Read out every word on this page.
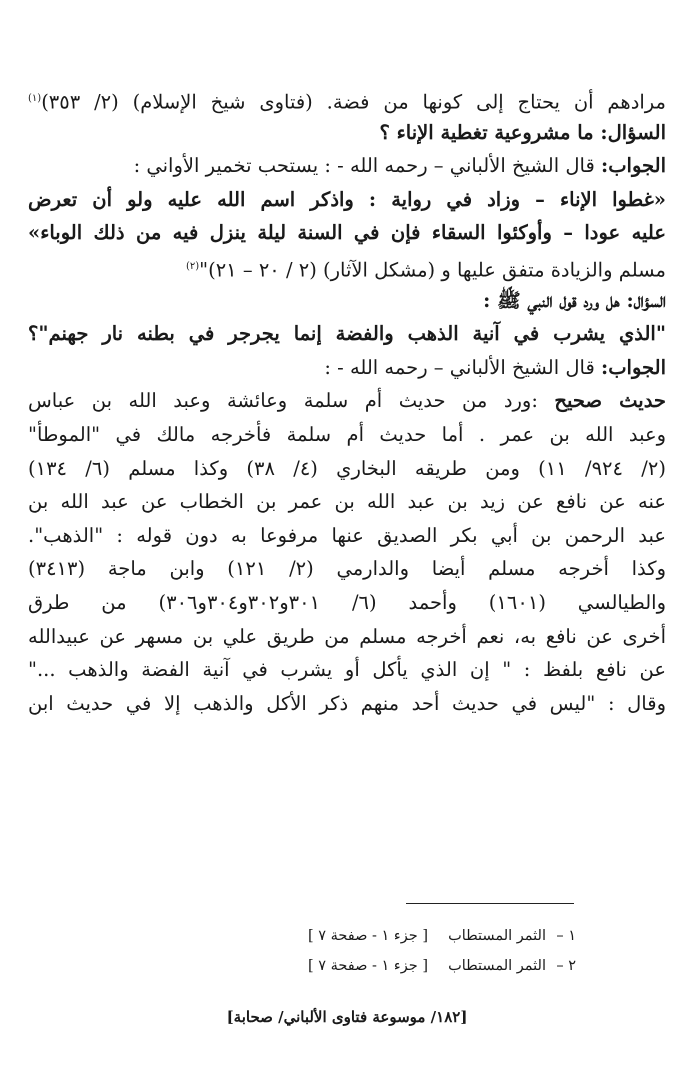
مرادهم أن يحتاج إلى كونها من فضة. (فتاوى شيخ الإسلام) (٢/ ٣٥٣)$^{(١)}$
السؤال: ما مشروعية تغطية الإناء ؟
الجواب: قال الشيخ الألباني – رحمه الله - : يستحب تخمير الأواني :
«غطوا الإناء – وزاد في رواية : واذكر اسم الله عليه ولو أن تعرض
عليه عودا – وأوكئوا السقاء فإن في السنة ليلة ينزل فيه من ذلك الوباء»
مسلم والزيادة متفق عليها و (مشكل الآثار) (٢ / ٢٠ – ٢١)"$^{(٢)}$
السؤال: هل ورد قول النبي ﷺ :
"الذي يشرب في آنية الذهب والفضة إنما يجرجر في بطنه نار جهنم"؟
الجواب: قال الشيخ الألباني – رحمه الله - :
حديث صحيح :ورد من حديث أم سلمة وعائشة وعبد الله بن عباس
وعبد الله بن عمر . أما حديث أم سلمة فأخرجه مالك في "الموطأ"
(٢/ ٩٢٤/ ١١) ومن طريقه البخاري (٤/ ٣٨) وكذا مسلم (٦/ ١٣٤)
عنه عن نافع عن زيد بن عبد الله بن عمر بن الخطاب عن عبد الله بن
عبد الرحمن بن أبي بكر الصديق عنها مرفوعا به دون قوله : "الذهب".
وكذا أخرجه مسلم أيضا والدارمي (٢/ ١٢١) وابن ماجة (٣٤١٣)
والطيالسي (١٦٠١) وأحمد (٦/ ٣٠١و٣٠٢و٣٠٤و٣٠٦) من طرق
أخرى عن نافع به، نعم أخرجه مسلم من طريق علي بن مسهر عن عبيدالله
عن نافع بلفظ : " إن الذي يأكل أو يشرب في آنية الفضة والذهب ..."
وقال : "ليس في حديث أحد منهم ذكر الأكل والذهب إلا في حديث ابن
١ –الثمر المستطاب[ جزء ١ - صفحة ٧ ]
٢ –الثمر المستطاب[ جزء ١ - صفحة ٧ ]
[١٨٢/ موسوعة فتاوى الألباني/ صحابة]
